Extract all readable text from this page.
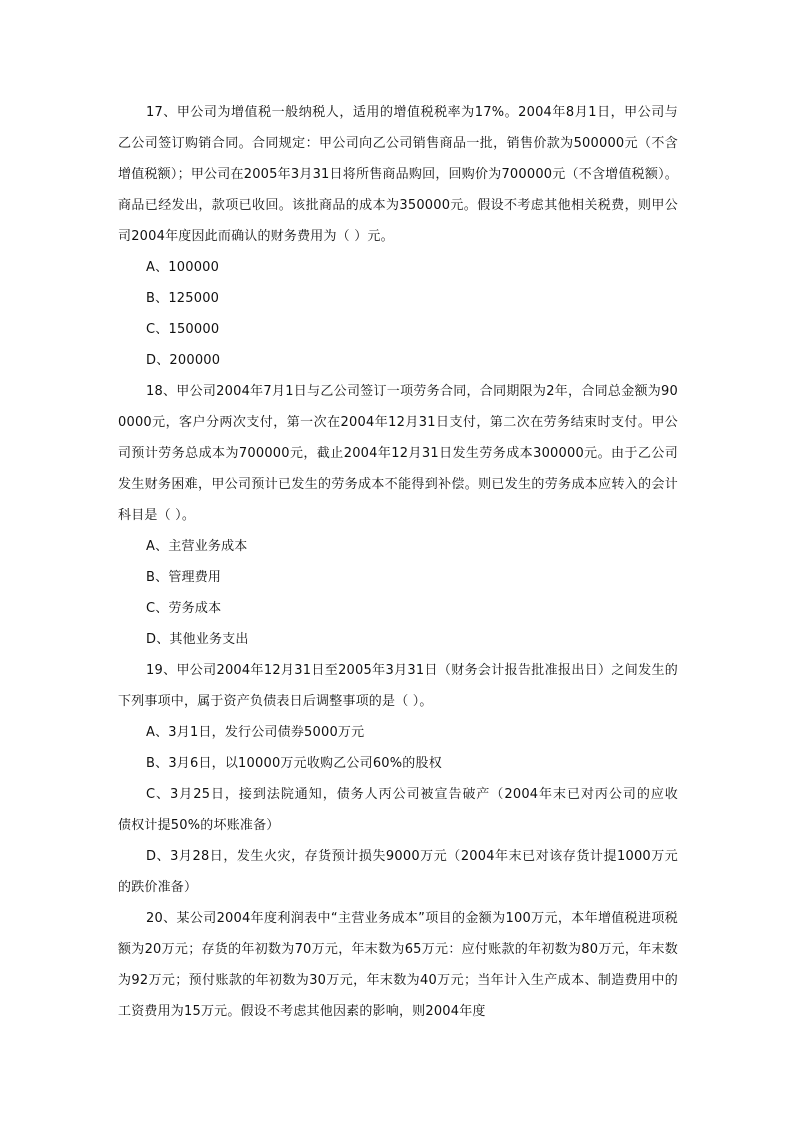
17、甲公司为增值税一般纳税人，适用的增值税税率为17%。2004年8月1日，甲公司与乙公司签订购销合同。合同规定：甲公司向乙公司销售商品一批，销售价款为500000元（不含增值税额）；甲公司在2005年3月31日将所售商品购回，回购价为700000元（不含增值税额）。商品已经发出，款项已收回。该批商品的成本为350000元。假设不考虑其他相关税费，则甲公司2004年度因此而确认的财务费用为（ ）元。

A、100000

B、125000

C、150000

D、200000

18、甲公司2004年7月1日与乙公司签订一项劳务合同，合同期限为2年，合同总金额为900000元，客户分两次支付，第一次在2004年12月31日支付，第二次在劳务结束时支付。甲公司预计劳务总成本为700000元，截止2004年12月31日发生劳务成本300000元。由于乙公司发生财务困难，甲公司预计已发生的劳务成本不能得到补偿。则已发生的劳务成本应转入的会计科目是（ ）。

A、主营业务成本

B、管理费用

C、劳务成本

D、其他业务支出

19、甲公司2004年12月31日至2005年3月31日（财务会计报告批准报出日）之间发生的下列事项中，属于资产负债表日后调整事项的是（ ）。

A、3月1日，发行公司债券5000万元

B、3月6日，以10000万元收购乙公司60%的股权

C、3月25日，接到法院通知，债务人丙公司被宣告破产（2004年末已对丙公司的应收　　债权计提50%的坏账准备）

D、3月28日，发生火灾，存货预计损失9000万元（2004年末已对该存货计提1000万元的跌价准备）

20、某公司2004年度利润表中“主营业务成本”项目的金额为100万元，本年增值税进项税额为20万元；存货的年初数为70万元，年末数为65万元：应付账款的年初数为80万元，年末数为92万元；预付账款的年初数为30万元，年末数为40万元；当年计入生产成本、制造费用中的工资费用为15万元。假设不考虑其他因素的影响，则2004年度
